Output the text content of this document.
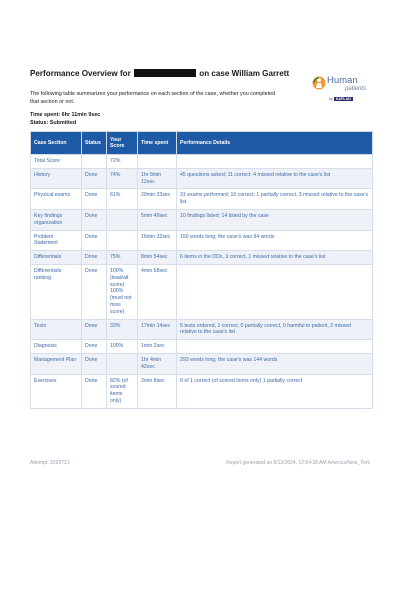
Performance Overview for	on case William Garrett
The following table summarizes your performance on each section of the case, whether you completed that section or not.
Human
patients
by KAPLAN
Time spent: 6hr 11min 9sec
Status: Submitted
Case Section	Status	Your Score	Time spent	Performance Details
Total Score		72%		
History	Done	74%	1hr 8min 12sec	45 questions asked; 11 correct; 4 missed relative to the case's list
Physical exams	Done	61%	20min 33sec	31 exams performed; 10 correct; 1 partially correct, 3 missed relative to the case's list
Key findings organization	Done		5min 49sec	10 findings listed; 14 listed by the case
Problem Statement	Done		16min 32sec	150 words long; the case's was 94 words
Differentials	Done	75%	8min 54sec	6 items in the DDx, 3 correct, 1 missed relative to the case's list
Differentials ranking	Done	100% (lead/alt score) 100% (must not miss score)	4min 58sec	
Tests	Done	33%	17min 14sec	5 tests ordered, 1 correct, 0 partially correct, 0 harmful to patient, 2 missed relative to the case's list
Diagnosis	Done	100%	1min 2sec	
Management Plan	Done		1hr 4min 42sec	293 words long; the case's was 144 words
Exercises	Done	82% (of scored items only)	2min 8sec	0 of 1 correct (of scored items only) 1 partially correct
Attempt: 3229731	Report generated on 8/12/2024, 12:54:38 AM America/New_York
